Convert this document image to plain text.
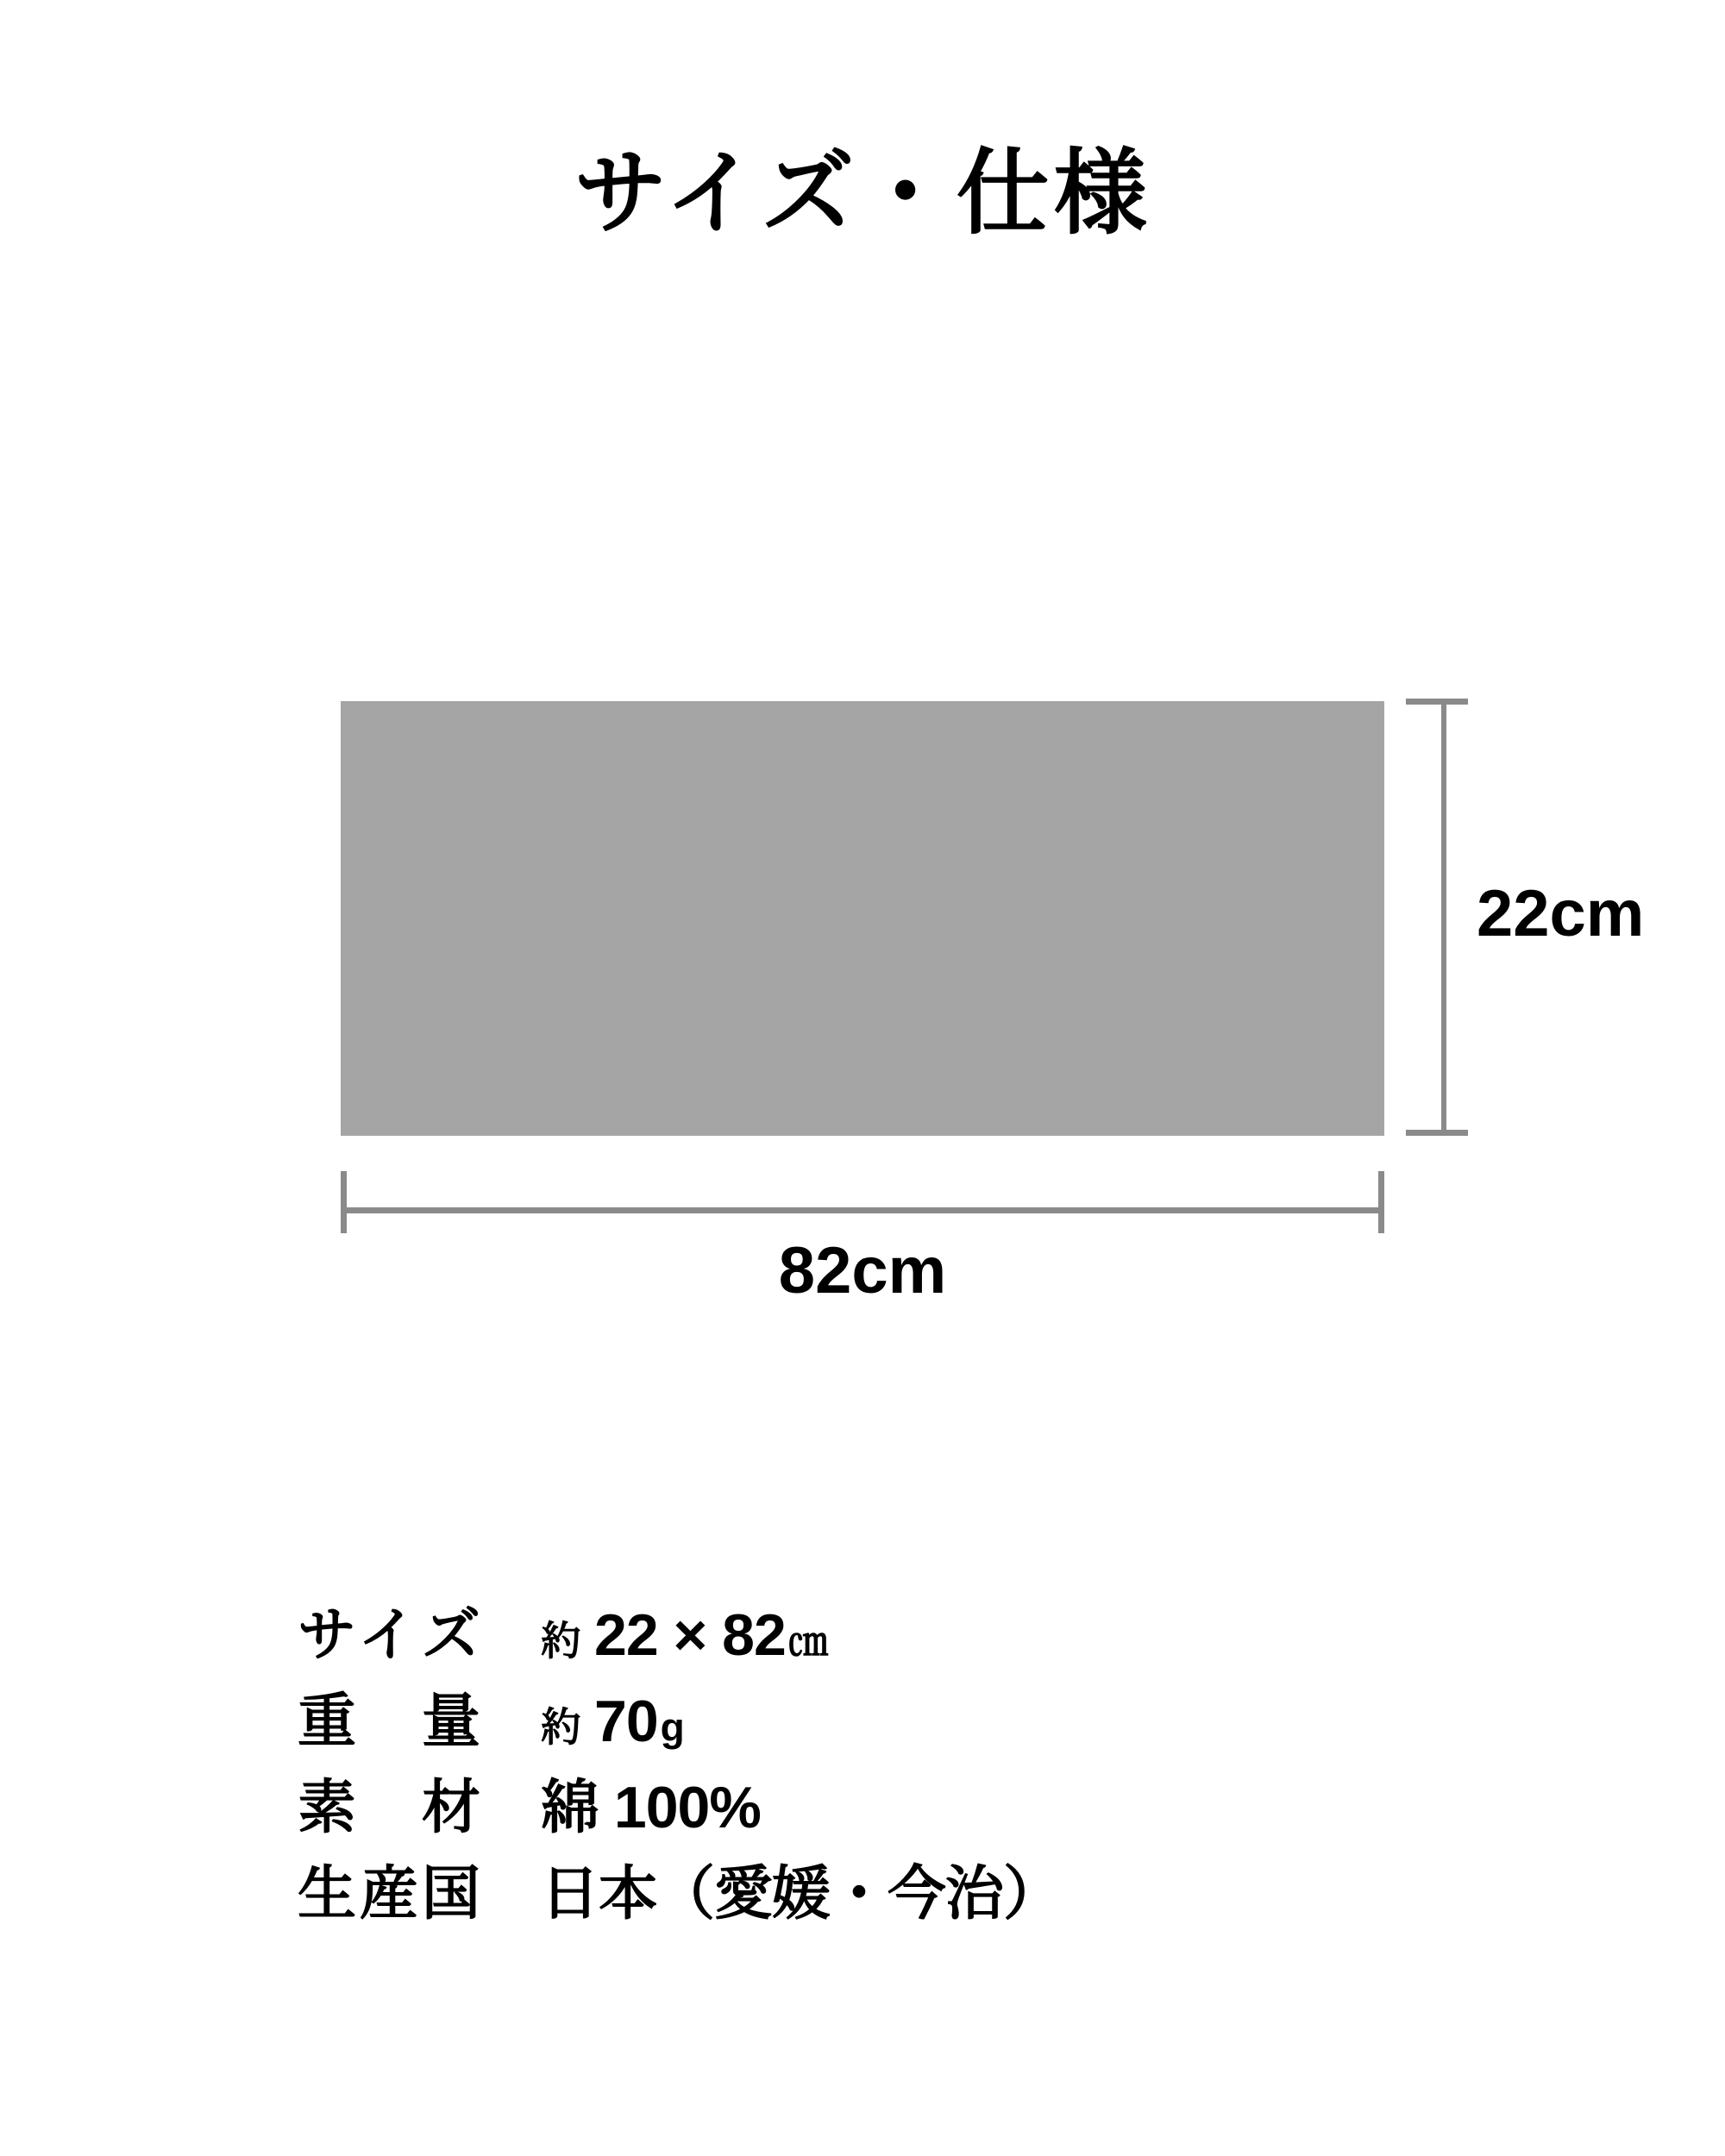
サイズ・仕様
22cm
82cm
サイズ 約 22 × 82㎝
重量 約 70g
素材 綿 100%
生産国 日本（愛媛・今治）
